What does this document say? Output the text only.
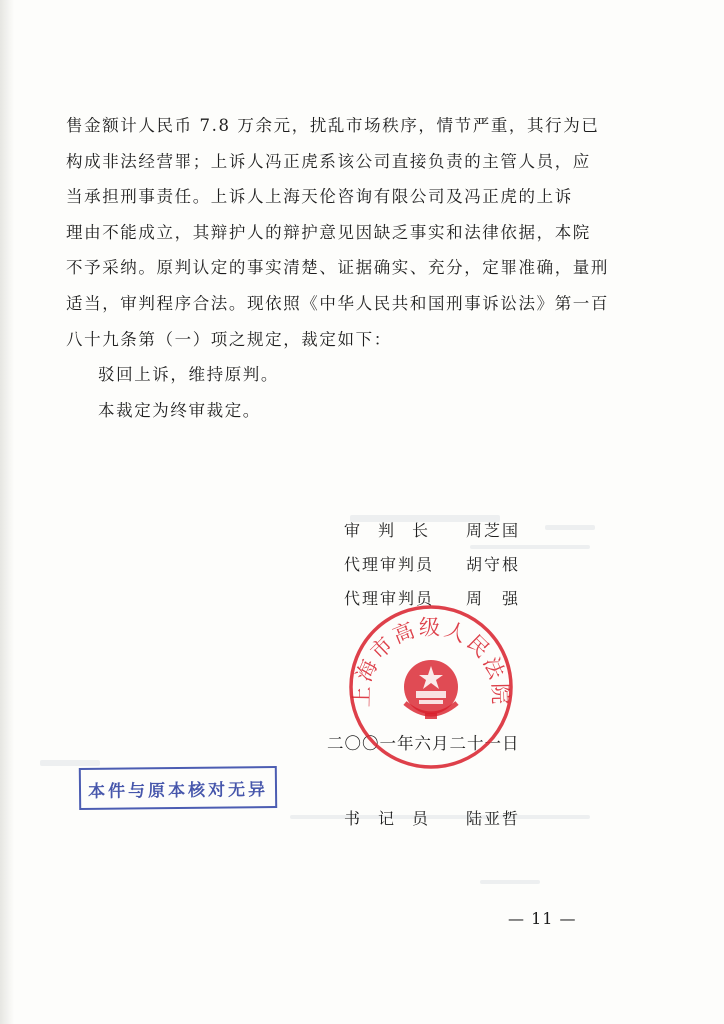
售金额计人民币 7.8 万余元，扰乱市场秩序，情节严重，其行为已

构成非法经营罪；上诉人冯正虎系该公司直接负责的主管人员，应

当承担刑事责任。上诉人上海天伦咨询有限公司及冯正虎的上诉

理由不能成立，其辩护人的辩护意见因缺乏事实和法律依据，本院

不予采纳。原判认定的事实清楚、证据确实、充分，定罪准确，量刑

适当，审判程序合法。现依照《中华人民共和国刑事诉讼法》第一百

八十九条第（一）项之规定，裁定如下：

驳回上诉，维持原判。

本裁定为终审裁定。

审判长 周芝国
代理审判员 胡守根
代理审判员 周强
二〇〇一年六月二十一日
上海市高级人民法院
本件与原本核对无异
书记员 陆亚哲
— 11 —
